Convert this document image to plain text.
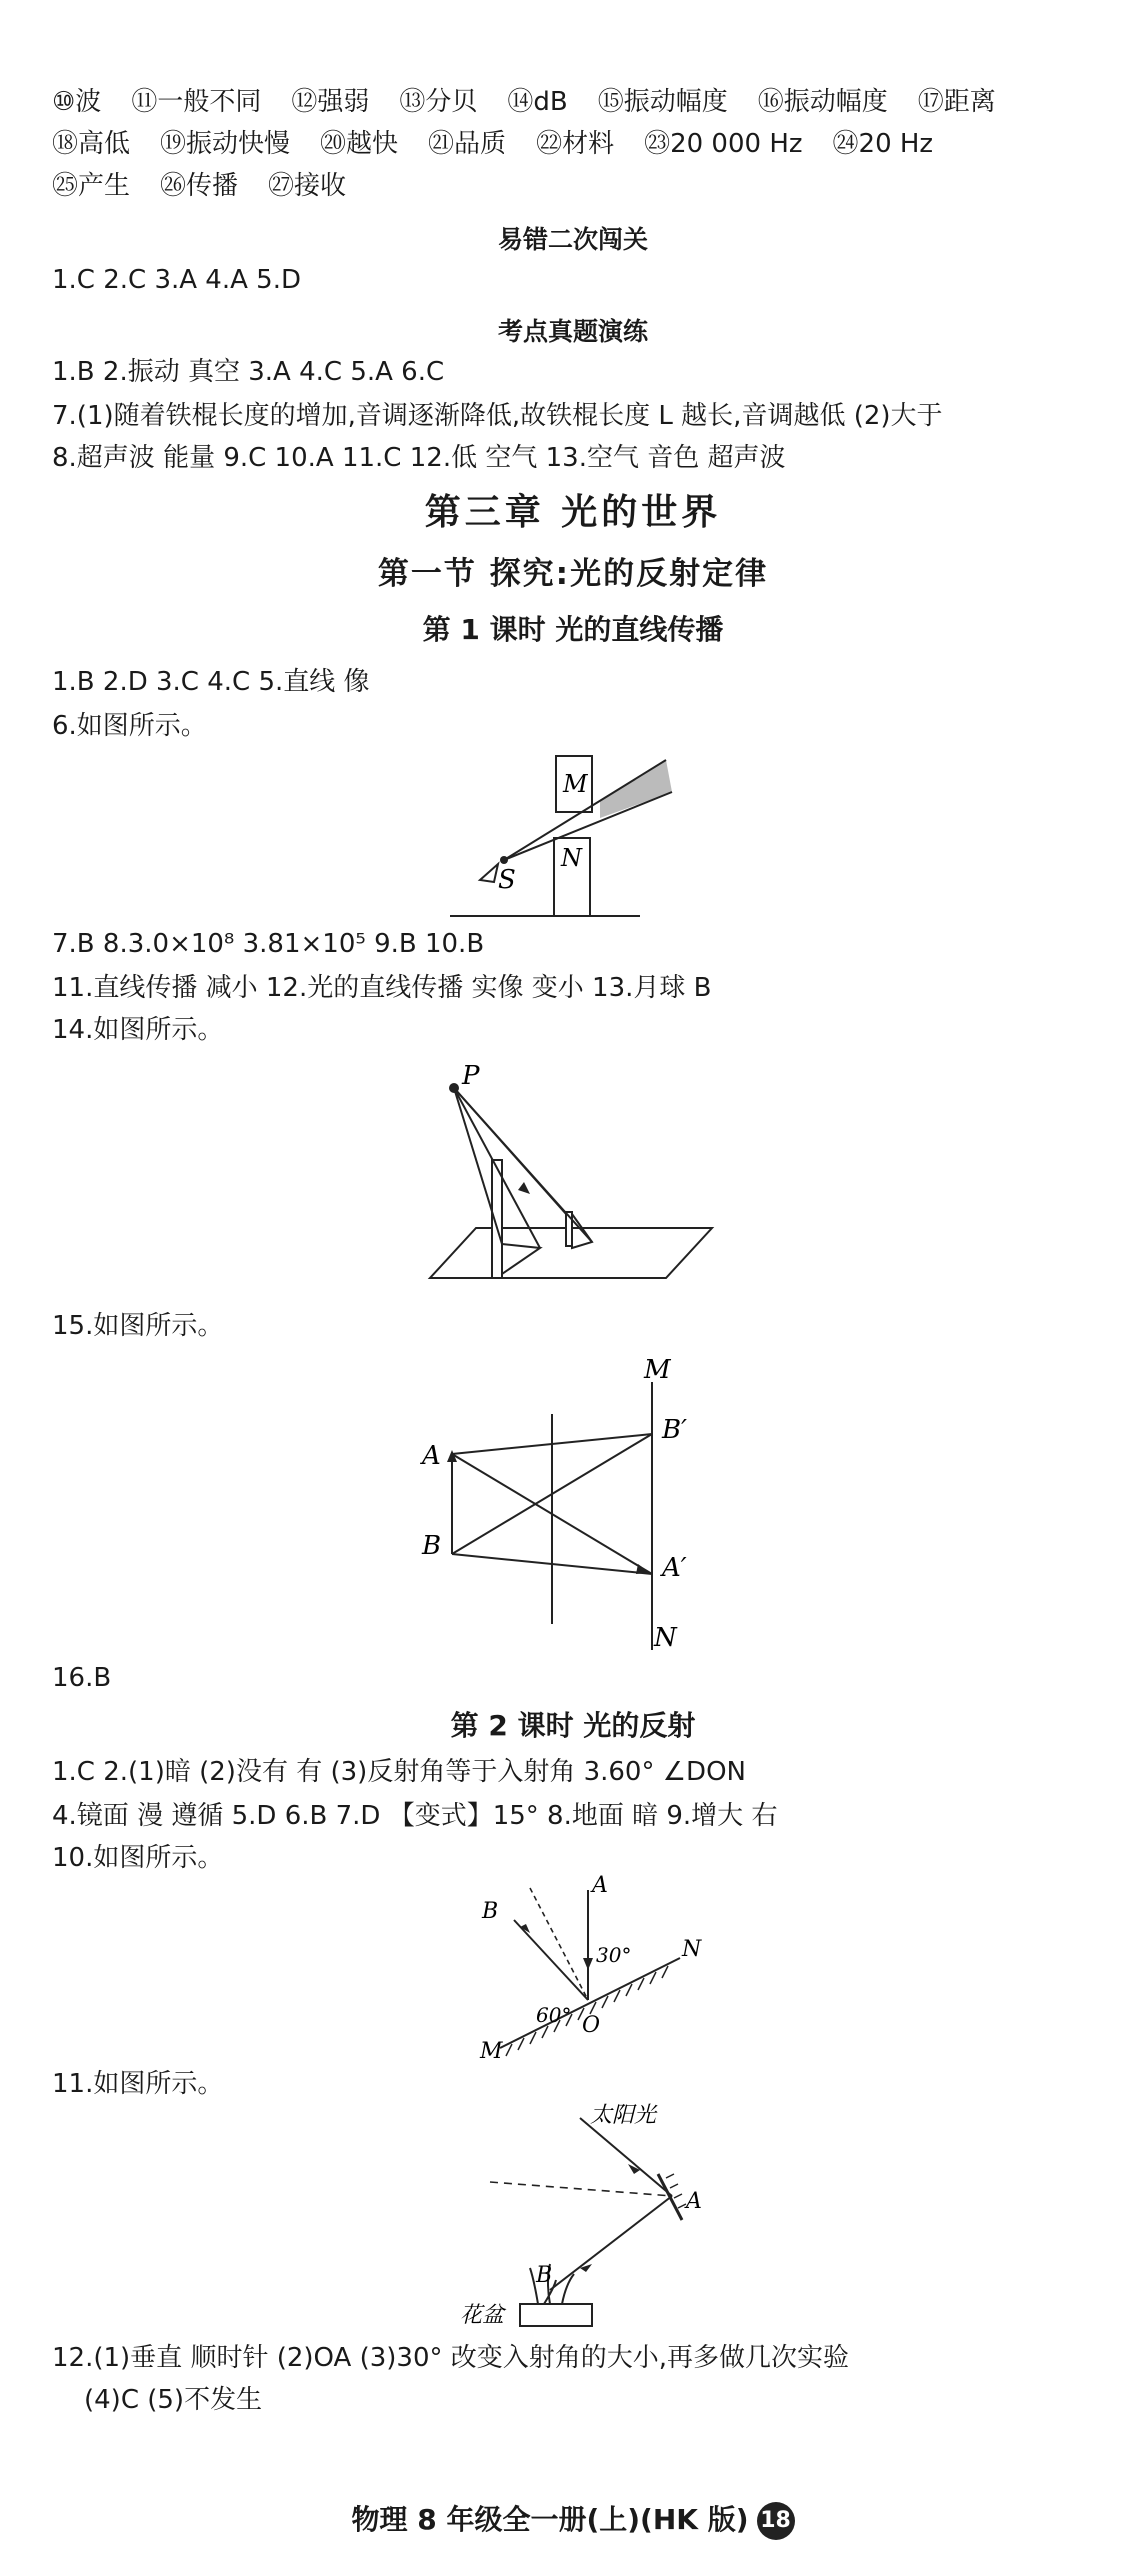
⑩波 ⑪一般不同 ⑫强弱 ⑬分贝 ⑭dB ⑮振动幅度 ⑯振动幅度 ⑰距离
⑱高低 ⑲振动快慢 ⑳越快 ㉑品质 ㉒材料 ㉓20 000 Hz ㉔20 Hz
㉕产生 ㉖传播 ㉗接收
易错二次闯关
1.C 2.C 3.A 4.A 5.D
考点真题演练
1.B 2.振动 真空 3.A 4.C 5.A 6.C
7.(1)随着铁棍长度的增加,音调逐渐降低,故铁棍长度 L 越长,音调越低 (2)大于
8.超声波 能量 9.C 10.A 11.C 12.低 空气 13.空气 音色 超声波
第三章 光的世界
第一节 探究:光的反射定律
第 1 课时 光的直线传播
1.B 2.D 3.C 4.C 5.直线 像
6.如图所示。
M
N
S
7.B 8.3.0×10⁸ 3.81×10⁵ 9.B 10.B
11.直线传播 减小 12.光的直线传播 实像 变小 13.月球 B
14.如图所示。
P
15.如图所示。
M
N
A
B
B′
A′
16.B
第 2 课时 光的反射
1.C 2.(1)暗 (2)没有 有 (3)反射角等于入射角 3.60° ∠DON
4.镜面 漫 遵循 5.D 6.B 7.D 【变式】15° 8.地面 暗 9.增大 右
10.如图所示。
A
B
N
M
O
30°
60°
11.如图所示。
太阳光
A
B
花盆
12.(1)垂直 顺时针 (2)OA (3)30° 改变入射角的大小,再多做几次实验
(4)C (5)不发生
物理 8 年级全一册(上)(HK 版) 18
